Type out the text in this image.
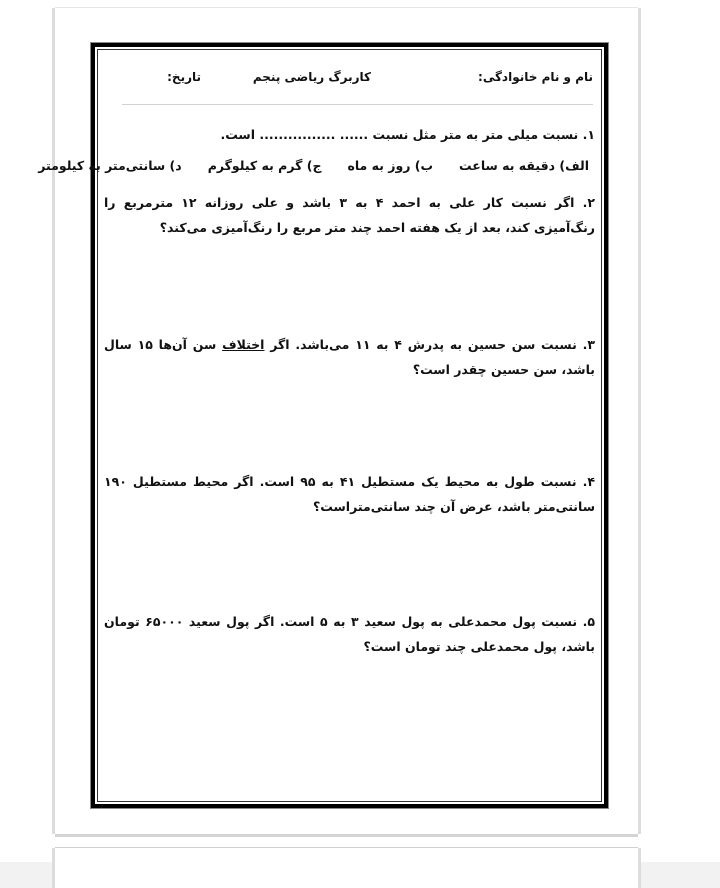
نام و نام خانوادگی:
کاربرگ ریاضی پنجم
تاریخ:
۱. نسبت میلی متر به متر مثل نسبت ...... ................ است.
الف) دقیقه به ساعت
ب) روز به ماه
ج) گرم به کیلوگرم
د) سانتی‌متر به کیلومتر
۲. اگر نسبت کار علی به احمد ۴ به ۳ باشد و علی روزانه ۱۲ مترمربع را رنگ‌آمیزی کند، بعد از یک هفته احمد چند متر مربع را رنگ‌آمیزی می‌کند؟
۳. نسبت سن حسین به پدرش ۴ به ۱۱ می‌باشد. اگر اختلاف سن آن‌ها ۱۵ سال باشد، سن حسین چقدر است؟
۴. نسبت طول به محیط یک مستطیل ۴۱ به ۹۵ است. اگر محیط مستطیل ۱۹۰ سانتی‌متر باشد، عرض آن چند سانتی‌متراست؟
۵. نسبت پول محمدعلی به پول سعید ۳ به ۵ است. اگر پول سعید ۶۵۰۰۰ تومان باشد، پول محمدعلی چند تومان است؟
